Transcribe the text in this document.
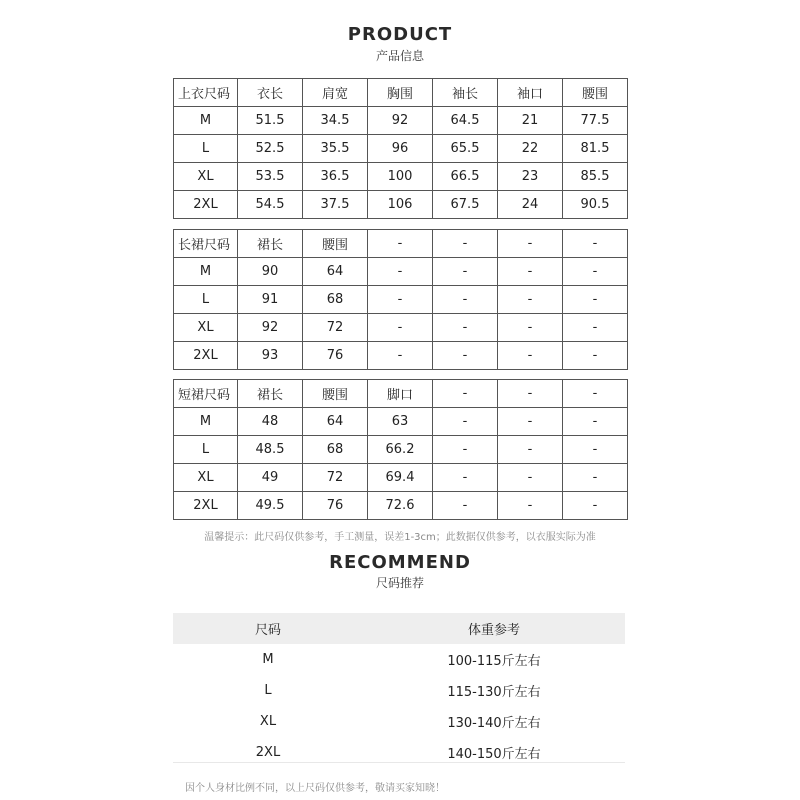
PRODUCT
产品信息
上衣尺码	衣长	肩宽	胸围	袖长	袖口	腰围
M	51.5	34.5	92	64.5	21	77.5
L	52.5	35.5	96	65.5	22	81.5
XL	53.5	36.5	100	66.5	23	85.5
2XL	54.5	37.5	106	67.5	24	90.5
长裙尺码	裙长	腰围	-	-	-	-
M	90	64	-	-	-	-
L	91	68	-	-	-	-
XL	92	72	-	-	-	-
2XL	93	76	-	-	-	-
短裙尺码	裙长	腰围	脚口	-	-	-
M	48	64	63	-	-	-
L	48.5	68	66.2	-	-	-
XL	49	72	69.4	-	-	-
2XL	49.5	76	72.6	-	-	-
温馨提示：此尺码仅供参考，手工测量，误差1-3cm；此数据仅供参考，以衣服实际为准
RECOMMEND
尺码推荐
尺码	体重参考
M	100-115斤左右
L	115-130斤左右
XL	130-140斤左右
2XL	140-150斤左右
因个人身材比例不同，以上尺码仅供参考，敬请买家知晓！
